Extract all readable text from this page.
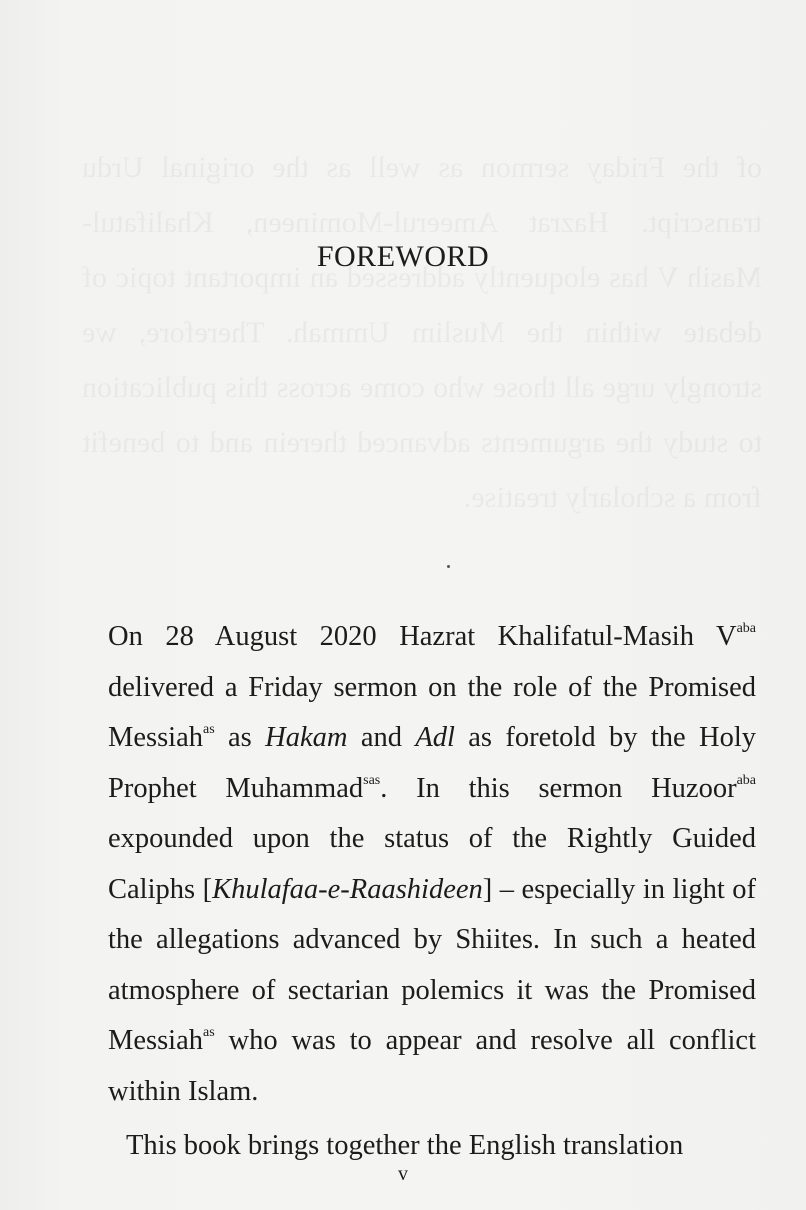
FOREWORD

On 28 August 2020 Hazrat Khalifatul-Masih $V^{aba}$ delivered a Friday sermon on the role of the Promised Messiah$^{as}$ as Hakam and Adl as foretold by the Holy Prophet Muhammad$^{sas}$. In this sermon Huzoor$^{aba}$ expounded upon the status of the Rightly Guided Caliphs [Khulafaa-e-Raashideen] – especially in light of the allegations advanced by Shiites. In such a heated atmosphere of sectarian polemics it was the Promised Messiah$^{as}$ who was to appear and resolve all conflict within Islam.

This book brings together the English translation

v
